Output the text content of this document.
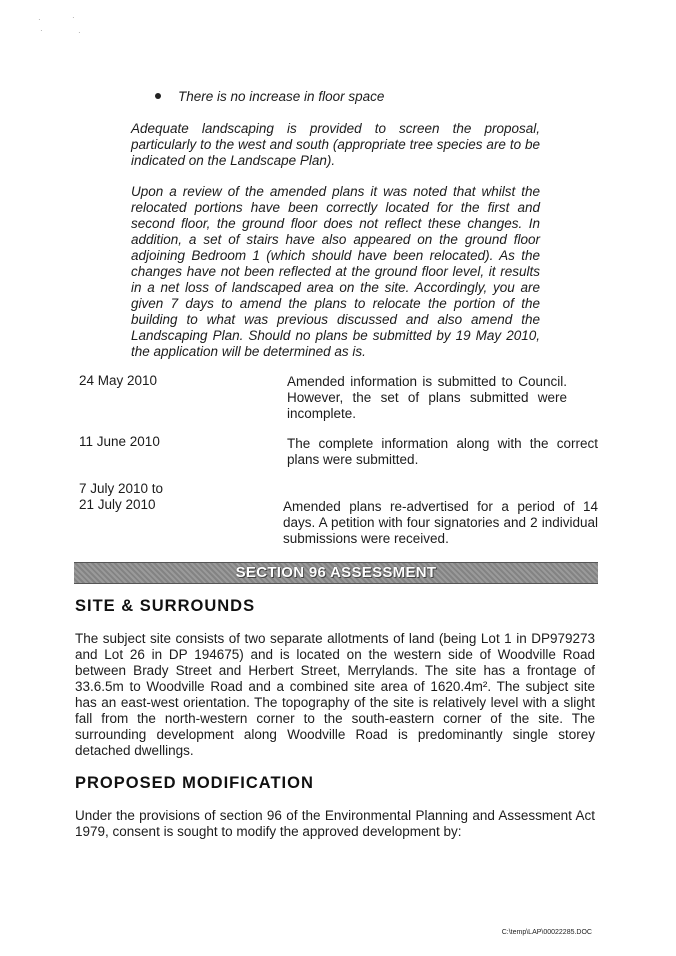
·	·
·	·
There is no increase in floor space
Adequate landscaping is provided to screen the proposal, particularly to the west and south (appropriate tree species are to be indicated on the Landscape Plan).
Upon a review of the amended plans it was noted that whilst the relocated portions have been correctly located for the first and second floor, the ground floor does not reflect these changes. In addition, a set of stairs have also appeared on the ground floor adjoining Bedroom 1 (which should have been relocated). As the changes have not been reflected at the ground floor level, it results in a net loss of landscaped area on the site. Accordingly, you are given 7 days to amend the plans to relocate the portion of the building to what was previous discussed and also amend the Landscaping Plan. Should no plans be submitted by 19 May 2010, the application will be determined as is.
24 May 2010	Amended information is submitted to Council. However, the set of plans submitted were incomplete.
11 June 2010	The complete information along with the correct plans were submitted.
7 July 2010 to
21 July 2010	Amended plans re-advertised for a period of 14 days. A petition with four signatories and 2 individual submissions were received.
SECTION 96 ASSESSMENT
SITE & SURROUNDS
The subject site consists of two separate allotments of land (being Lot 1 in DP979273 and Lot 26 in DP 194675) and is located on the western side of Woodville Road between Brady Street and Herbert Street, Merrylands. The site has a frontage of 33.6.5m to Woodville Road and a combined site area of 1620.4m². The subject site has an east-west orientation. The topography of the site is relatively level with a slight fall from the north-western corner to the south-eastern corner of the site. The surrounding development along Woodville Road is predominantly single storey detached dwellings.
PROPOSED MODIFICATION
Under the provisions of section 96 of the Environmental Planning and Assessment Act 1979, consent is sought to modify the approved development by:
C:\temp\LAP\00022285.DOC
